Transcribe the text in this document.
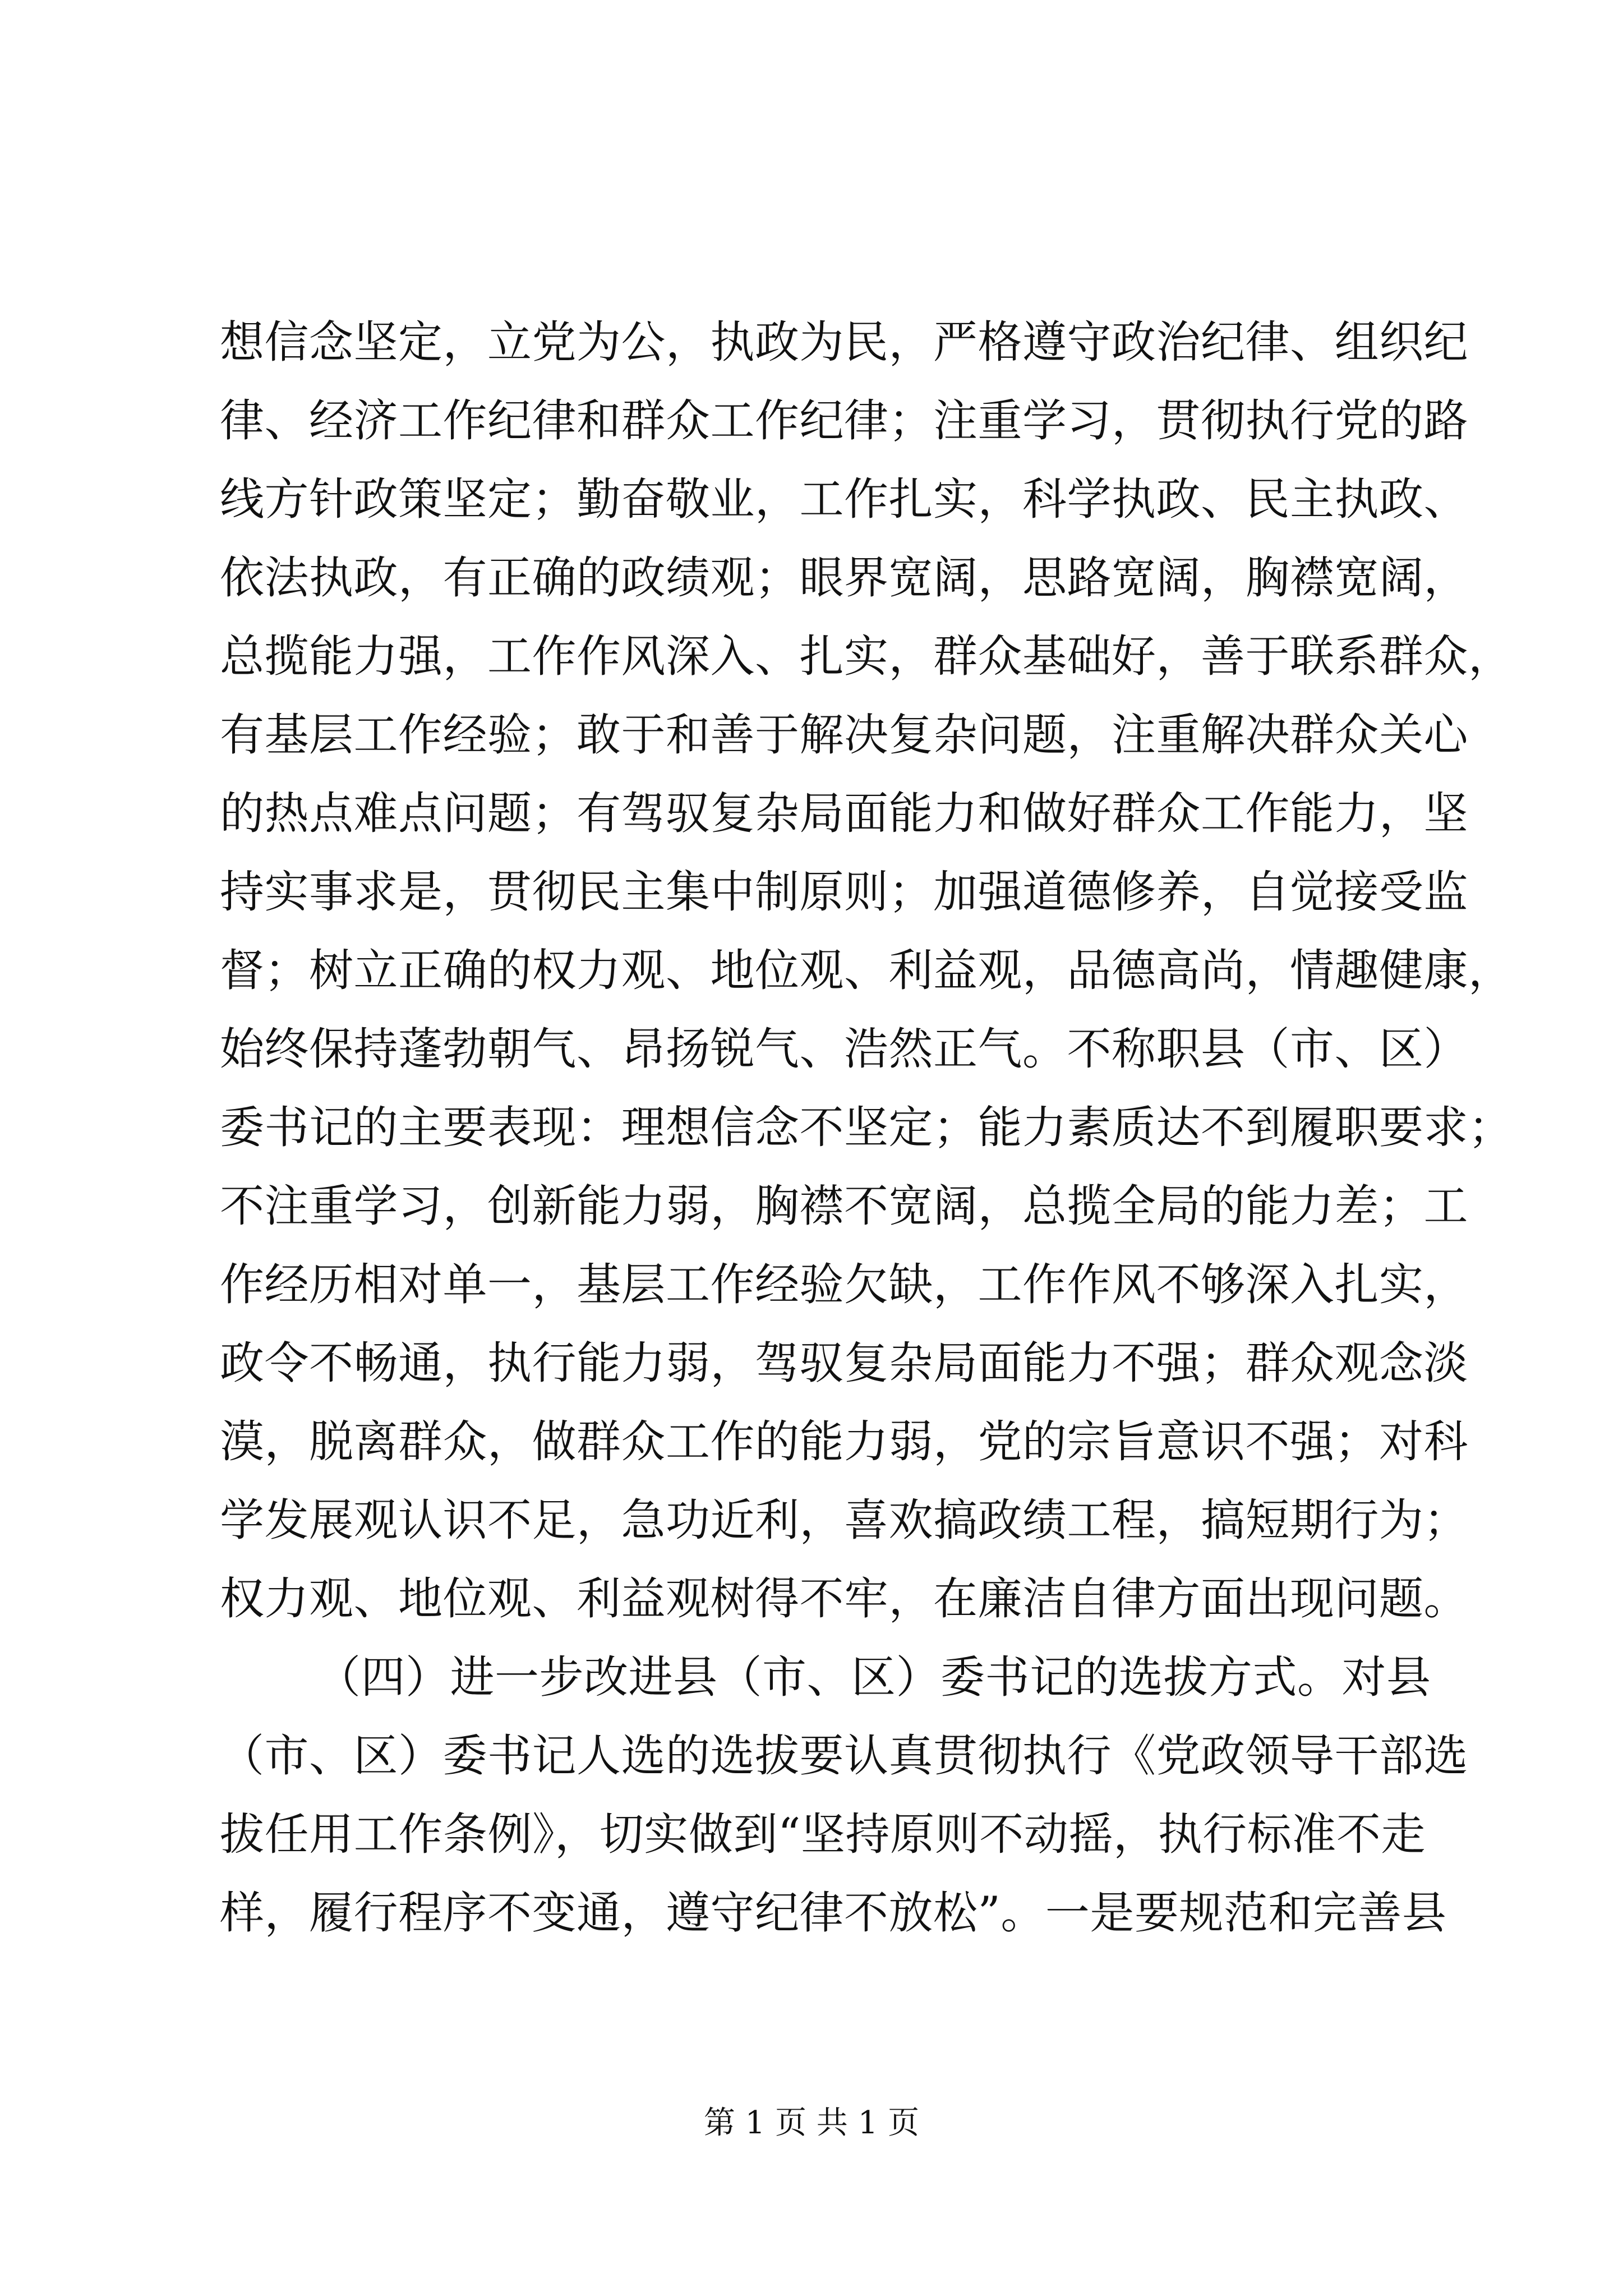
想信念坚定，立党为公，执政为民，严格遵守政治纪律、组织纪
律、经济工作纪律和群众工作纪律；注重学习，贯彻执行党的路
线方针政策坚定；勤奋敬业，工作扎实，科学执政、民主执政、
依法执政，有正确的政绩观；眼界宽阔，思路宽阔，胸襟宽阔，
总揽能力强，工作作风深入、扎实，群众基础好，善于联系群众，
有基层工作经验；敢于和善于解决复杂问题，注重解决群众关心
的热点难点问题；有驾驭复杂局面能力和做好群众工作能力，坚
持实事求是，贯彻民主集中制原则；加强道德修养，自觉接受监
督；树立正确的权力观、地位观、利益观，品德高尚，情趣健康，
始终保持蓬勃朝气、昂扬锐气、浩然正气。不称职县（市、区）
委书记的主要表现：理想信念不坚定；能力素质达不到履职要求；
不注重学习，创新能力弱，胸襟不宽阔，总揽全局的能力差；工
作经历相对单一，基层工作经验欠缺，工作作风不够深入扎实，
政令不畅通，执行能力弱，驾驭复杂局面能力不强；群众观念淡
漠，脱离群众，做群众工作的能力弱，党的宗旨意识不强；对科
学发展观认识不足，急功近利，喜欢搞政绩工程，搞短期行为；
权力观、地位观、利益观树得不牢，在廉洁自律方面出现问题。
（四）进一步改进县（市、区）委书记的选拔方式。对县
（市、区）委书记人选的选拔要认真贯彻执行《党政领导干部选
拔任用工作条例》，切实做到“坚持原则不动摇，执行标准不走
样，履行程序不变通，遵守纪律不放松”。一是要规范和完善县
第 1 页 共 1 页
